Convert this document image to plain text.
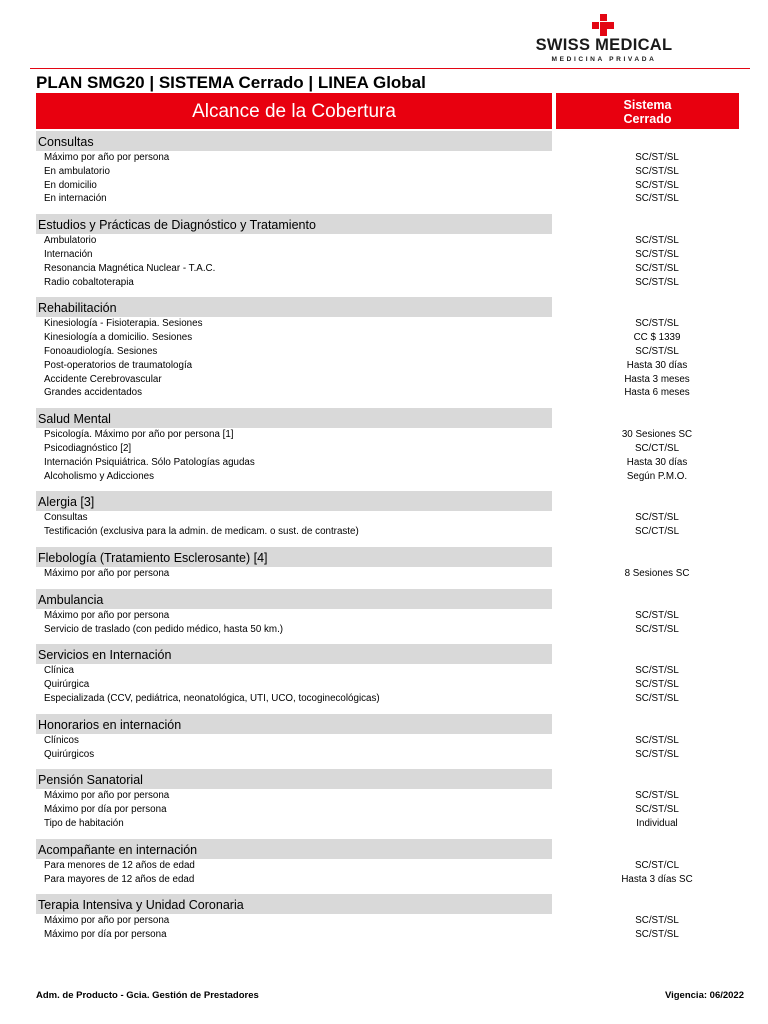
SWISS MEDICAL
MEDICINA PRIVADA
PLAN SMG20 | SISTEMA Cerrado | LINEA Global
Alcance de la Cobertura	Sistema
Cerrado
Consultas
Máximo por año por persona	SC/ST/SL
En ambulatorio	SC/ST/SL
En domicilio	SC/ST/SL
En internación	SC/ST/SL
Estudios y Prácticas de Diagnóstico y Tratamiento
Ambulatorio	SC/ST/SL
Internación	SC/ST/SL
Resonancia Magnética Nuclear - T.A.C.	SC/ST/SL
Radio cobaltoterapia	SC/ST/SL
Rehabilitación
Kinesiología - Fisioterapia. Sesiones	SC/ST/SL
Kinesiología a domicilio. Sesiones	CC $ 1339
Fonoaudiología. Sesiones	SC/ST/SL
Post-operatorios de traumatología	Hasta 30 días
Accidente Cerebrovascular	Hasta 3 meses
Grandes accidentados	Hasta 6 meses
Salud Mental
Psicología. Máximo por año por persona [1]	30 Sesiones SC
Psicodiagnóstico [2]	SC/CT/SL
Internación Psiquiátrica. Sólo Patologías agudas	Hasta 30 días
Alcoholismo y Adicciones	Según P.M.O.
Alergia [3]
Consultas	SC/ST/SL
Testificación (exclusiva para la admin. de medicam. o sust. de contraste)	SC/CT/SL
Flebología (Tratamiento Esclerosante) [4]
Máximo por año por persona	8 Sesiones SC
Ambulancia
Máximo por año por persona	SC/ST/SL
Servicio de traslado (con pedido médico, hasta 50 km.)	SC/ST/SL
Servicios en Internación
Clínica	SC/ST/SL
Quirúrgica	SC/ST/SL
Especializada (CCV, pediátrica, neonatológica, UTI, UCO, tocoginecológicas)	SC/ST/SL
Honorarios en internación
Clínicos	SC/ST/SL
Quirúrgicos	SC/ST/SL
Pensión Sanatorial
Máximo por año por persona	SC/ST/SL
Máximo por día por persona	SC/ST/SL
Tipo de habitación	Individual
Acompañante en internación
Para menores de 12 años de edad	SC/ST/CL
Para mayores de 12 años de edad	Hasta 3 días SC
Terapia Intensiva y Unidad Coronaria
Máximo por año por persona	SC/ST/SL
Máximo por día por persona	SC/ST/SL
Adm. de Producto - Gcia. Gestión de Prestadores	Vigencia: 06/2022
